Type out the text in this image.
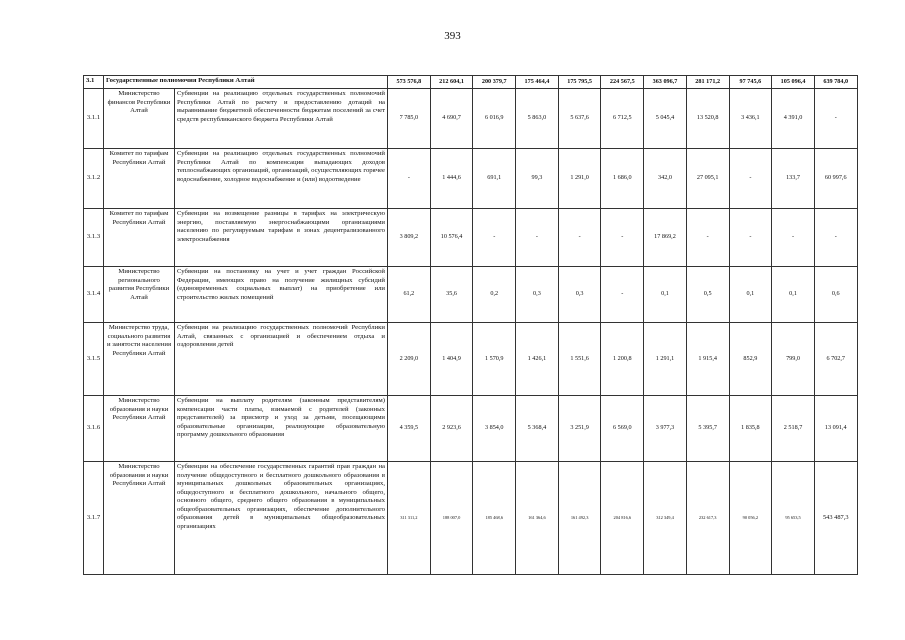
393
3.1	Государственные полномочия Республики Алтай		573 576,8	212 604,1	200 379,7	175 464,4	175 795,5	224 567,5	363 096,7	281 171,2	97 745,6	105 096,4	639 784,0
3.1.1	Министерство финансов Республики Алтай	Субвенции на реализацию отдельных государственных полномочий Республики Алтай по расчету и предоставлению дотаций на выравнивание бюджетной обеспеченности бюджетам поселений за счет средств республиканского бюджета Республики Алтай	7 785,0	4 690,7	6 016,9	5 863,0	5 637,6	6 712,5	5 045,4	13 520,8	3 436,1	4 391,0	-
3.1.2	Комитет по тарифам Республики Алтай	Субвенции на реализацию отдельных государственных полномочий Республики Алтай по компенсации выпадающих доходов теплоснабжающих организаций, организаций, осуществляющих горячее водоснабжение, холодное водоснабжение и (или) водоотведение	-	1 444,6	691,1	99,3	1 291,0	1 686,0	342,0	27 095,1	-	133,7	60 997,6
3.1.3	Комитет по тарифам Республики Алтай	Субвенции на возмещение разницы в тарифах на электрическую энергию, поставляемую энергоснабжающими организациями населению по регулируемым тарифам в зонах децентрализованного электроснабжения	3 809,2	10 576,4	-	-	-	-	17 869,2	-	-	-	-
3.1.4	Министерство регионального развития Республики Алтай	Субвенции на постановку на учет и учет граждан Российской Федерации, имеющих право на получение жилищных субсидий (единовременных социальных выплат) на приобретение или строительство жилых помещений	61,2	35,6	0,2	0,3	0,3	-	0,1	0,5	0,1	0,1	0,6
3.1.5	Министерство труда, социального развития и занятости населения Республики Алтай	Субвенции на реализацию государственных полномочий Республики Алтай, связанных с организацией и обеспечением отдыха и оздоровления детей	2 209,0	1 404,9	1 570,9	1 426,1	1 551,6	1 200,8	1 291,1	1 915,4	852,9	799,0	6 702,7
3.1.6	Министерство образования и науки Республики Алтай	Субвенции на выплату родителям (законным представителям) компенсации части платы, взимаемой с родителей (законных представителей) за присмотр и уход за детьми, посещающими образовательные организации, реализующие образовательную программу дошкольного образования	4 359,5	2 923,6	3 854,0	5 368,4	3 251,9	6 569,0	3 977,3	5 395,7	1 835,8	2 518,7	13 091,4
3.1.7	Министерство образования и науки Республики Алтай	Субвенции на обеспечение государственных гарантий прав граждан на получение общедоступного и бесплатного дошкольного образования в муниципальных дошкольных образовательных организациях, общедоступного и бесплатного дошкольного, начального общего, основного общего, среднего общего образования в муниципальных общеобразовательных организациях, обеспечение дополнительного образования детей в муниципальных общеобразовательных организациях	311 311,2	188 007,0	185 468,6	161 364,6	161 492,3	204 816,6	312 349,4	232 617,3	90 056,2	95 653,5	543 487,3
